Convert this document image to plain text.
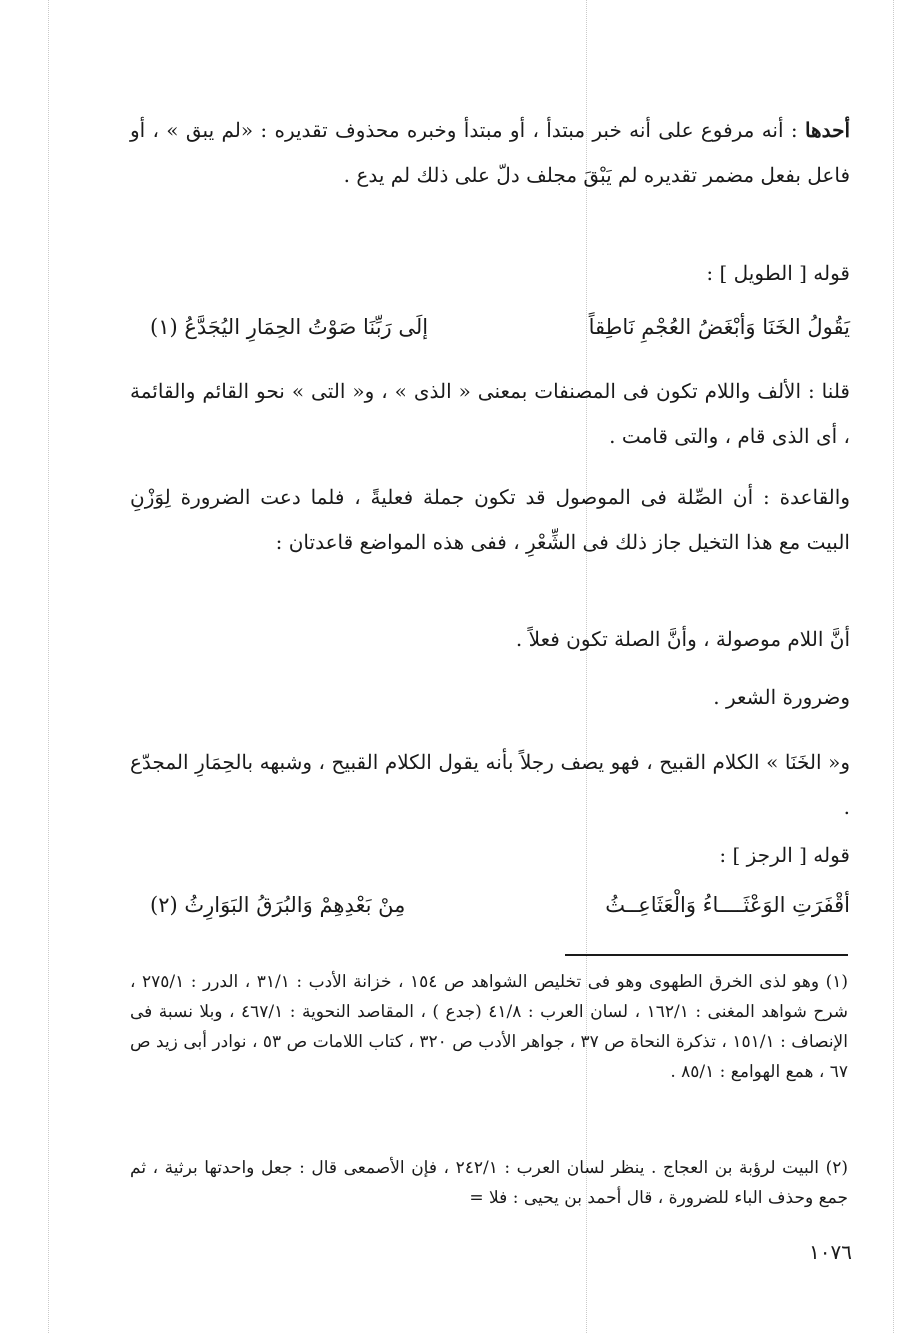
أحدها : أنه مرفوع على أنه خبر مبتدأ ، أو مبتدأ وخبره محذوف تقديره : «لم يبق » ، أو فاعل بفعل مضمر تقديره لم يَبْقَ مجلف دلّ على ذلك لم يدع .
قوله [ الطويل ] :
يَقُولُ الخَنَا وَأبْغَضُ العُجْمِ نَاطِقاً
إلَى رَبِّنَا صَوْتُ الحِمَارِ اليُجَدَّعُ (١)
قلنا : الألف واللام تكون فى المصنفات بمعنى « الذى » ، و« التى » نحو القائم والقائمة ، أى الذى قام ، والتى قامت .
والقاعدة : أن الصِّلة فى الموصول قد تكون جملة فعليةً ، فلما دعت الضرورة لِوَزْنِ البيت مع هذا التخيل جاز ذلك فى الشِّعْرِ ، ففى هذه المواضع قاعدتان :
أنَّ اللام موصولة ، وأنَّ الصلة تكون فعلاً .
وضرورة الشعر .
و« الخَنَا » الكلام القبيح ، فهو يصف رجلاً بأنه يقول الكلام القبيح ، وشبهه بالحِمَارِ المجدّع .
قوله [ الرجز ] :
أقْفَرَتِ الوَعْثَــــاءُ وَالْعَثَاعِــثُ
مِنْ بَعْدِهِمْ وَالبُرَقُ البَوَارِثُ (٢)
(١) وهو لذى الخرق الطهوى وهو فى تخليص الشواهد ص ١٥٤ ، خزانة الأدب : ٣١/١ ، الدرر : ٢٧٥/١ ، شرح شواهد المغنى : ١٦٢/١ ، لسان العرب : ٤١/٨ (جدع ) ، المقاصد النحوية : ٤٦٧/١ ، وبلا نسبة فى الإنصاف : ١٥١/١ ، تذكرة النحاة ص ٣٧ ، جواهر الأدب ص ٣٢٠ ، كتاب اللامات ص ٥٣ ، نوادر أبى زيد ص ٦٧ ، همع الهوامع : ٨٥/١ .
(٢) البيت لرؤبة بن العجاج . ينظر لسان العرب : ٢٤٢/١ ، فإن الأصمعى قال : جعل واحدتها برثية ، ثم جمع وحذف الباء للضرورة ، قال أحمد بن يحيى : فلا =
١٠٧٦
